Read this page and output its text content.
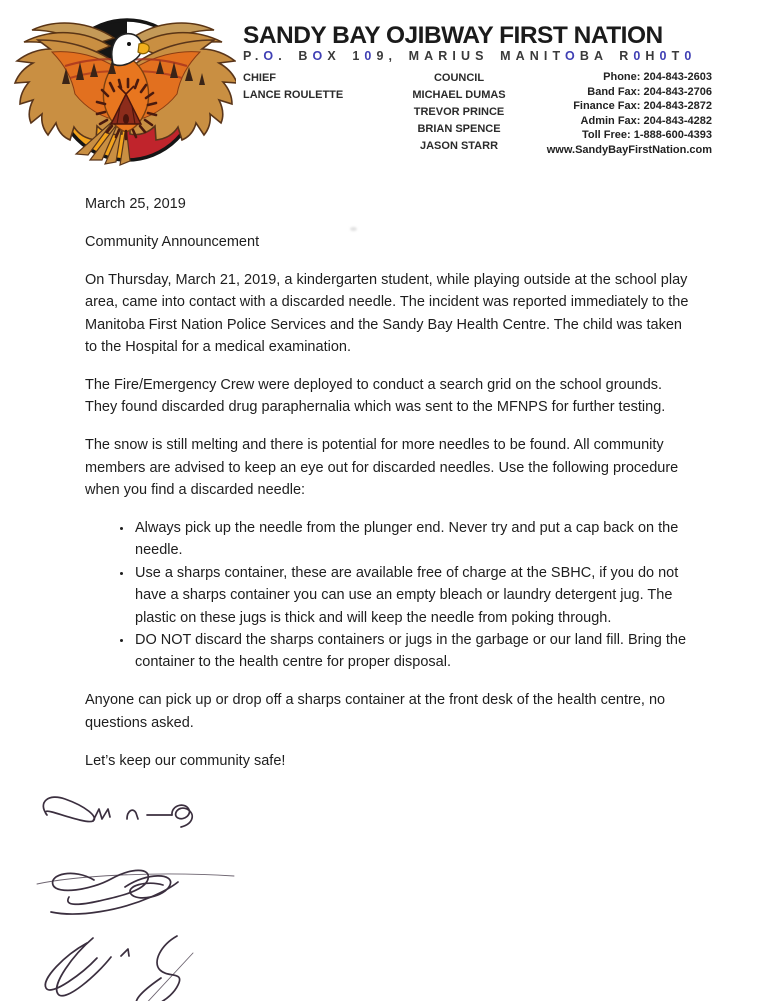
SANDY BAY OJIBWAY FIRST NATION
P.O. BOX 109, MARIUS MANITOBA R0H0T0
CHIEF
LANCE ROULETTE
COUNCIL
MICHAEL DUMAS
TREVOR PRINCE
BRIAN SPENCE
JASON STARR
Phone: 204-843-2603
Band Fax: 204-843-2706
Finance Fax: 204-843-2872
Admin Fax: 204-843-4282
Toll Free: 1-888-600-4393
www.SandyBayFirstNation.com

March 25, 2019

Community Announcement

On Thursday, March 21, 2019, a kindergarten student, while playing outside at the school play area, came into contact with a discarded needle. The incident was reported immediately to the Manitoba First Nation Police Services and the Sandy Bay Health Centre. The child was taken to the Hospital for a medical examination.

The Fire/Emergency Crew were deployed to conduct a search grid on the school grounds. They found discarded drug paraphernalia which was sent to the MFNPS for further testing.

The snow is still melting and there is potential for more needles to be found. All community members are advised to keep an eye out for discarded needles. Use the following procedure when you find a discarded needle:

• Always pick up the needle from the plunger end. Never try and put a cap back on the needle.
• Use a sharps container, these are available free of charge at the SBHC, if you do not have a sharps container you can use an empty bleach or laundry detergent jug. The plastic on these jugs is thick and will keep the needle from poking through.
• DO NOT discard the sharps containers or jugs in the garbage or our land fill. Bring the container to the health centre for proper disposal.

Anyone can pick up or drop off a sharps container at the front desk of the health centre, no questions asked.

Let’s keep our community safe!
